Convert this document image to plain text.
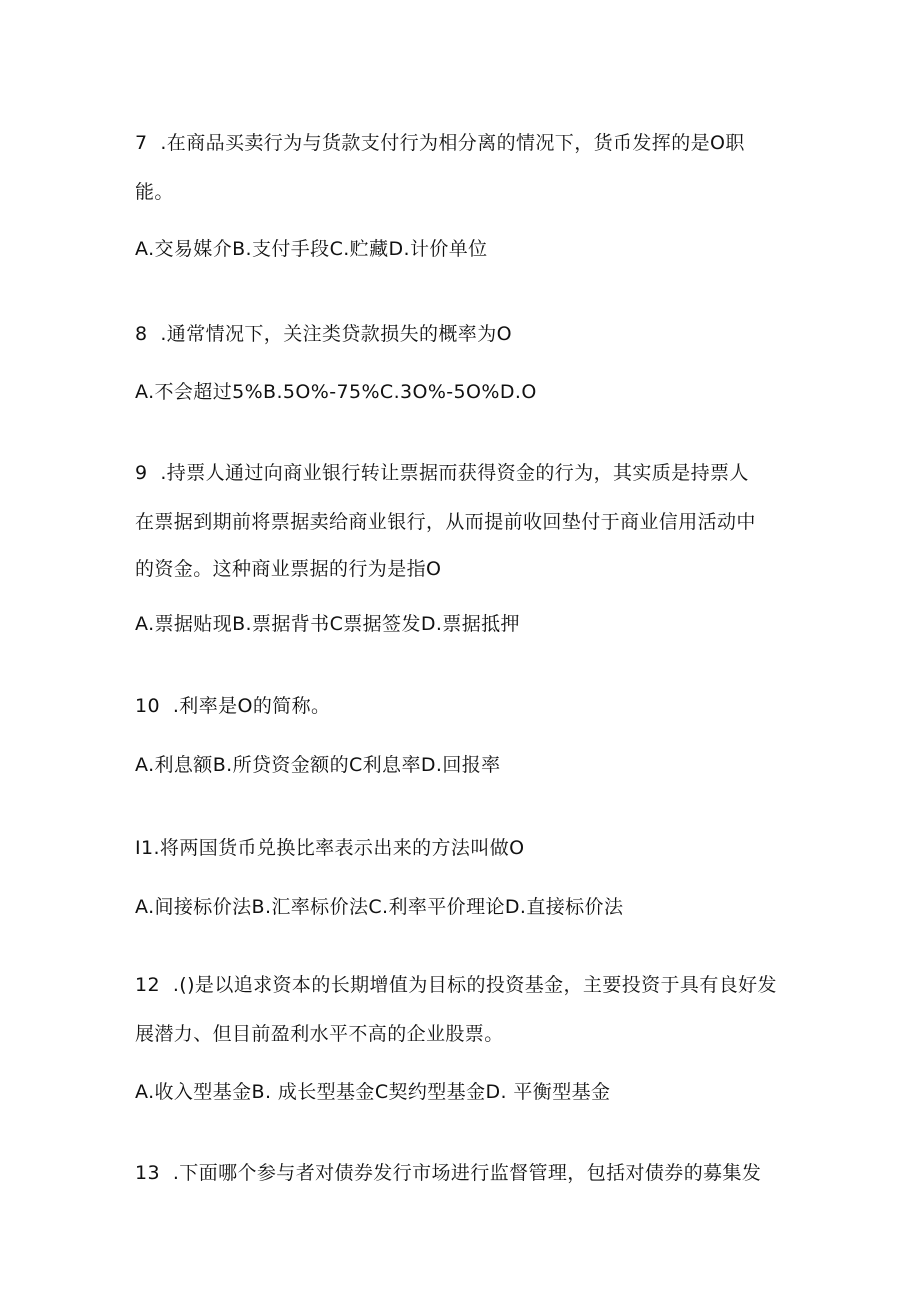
7  .在商品买卖行为与货款支付行为相分离的情况下，货币发挥的是O职
能。
A.交易媒介B.支付手段C.贮藏D.计价单位
8  .通常情况下，关注类贷款损失的概率为O
A.不会超过5%B.5O%-75%C.3O%-5O%D.O
9  .持票人通过向商业银行转让票据而获得资金的行为，其实质是持票人
在票据到期前将票据卖给商业银行，从而提前收回垫付于商业信用活动中
的资金。这种商业票据的行为是指O
A.票据贴现B.票据背书C票据签发D.票据抵押
10  .利率是O的简称。
A.利息额B.所贷资金额的C利息率D.回报率
I1.将两国货币兑换比率表示出来的方法叫做O
A.间接标价法B.汇率标价法C.利率平价理论D.直接标价法
12  .()是以追求资本的长期增值为目标的投资基金，主要投资于具有良好发
展潜力、但目前盈利水平不高的企业股票。
A.收入型基金B. 成长型基金C契约型基金D. 平衡型基金
13  .下面哪个参与者对债券发行市场进行监督管理，包括对债券的募集发
